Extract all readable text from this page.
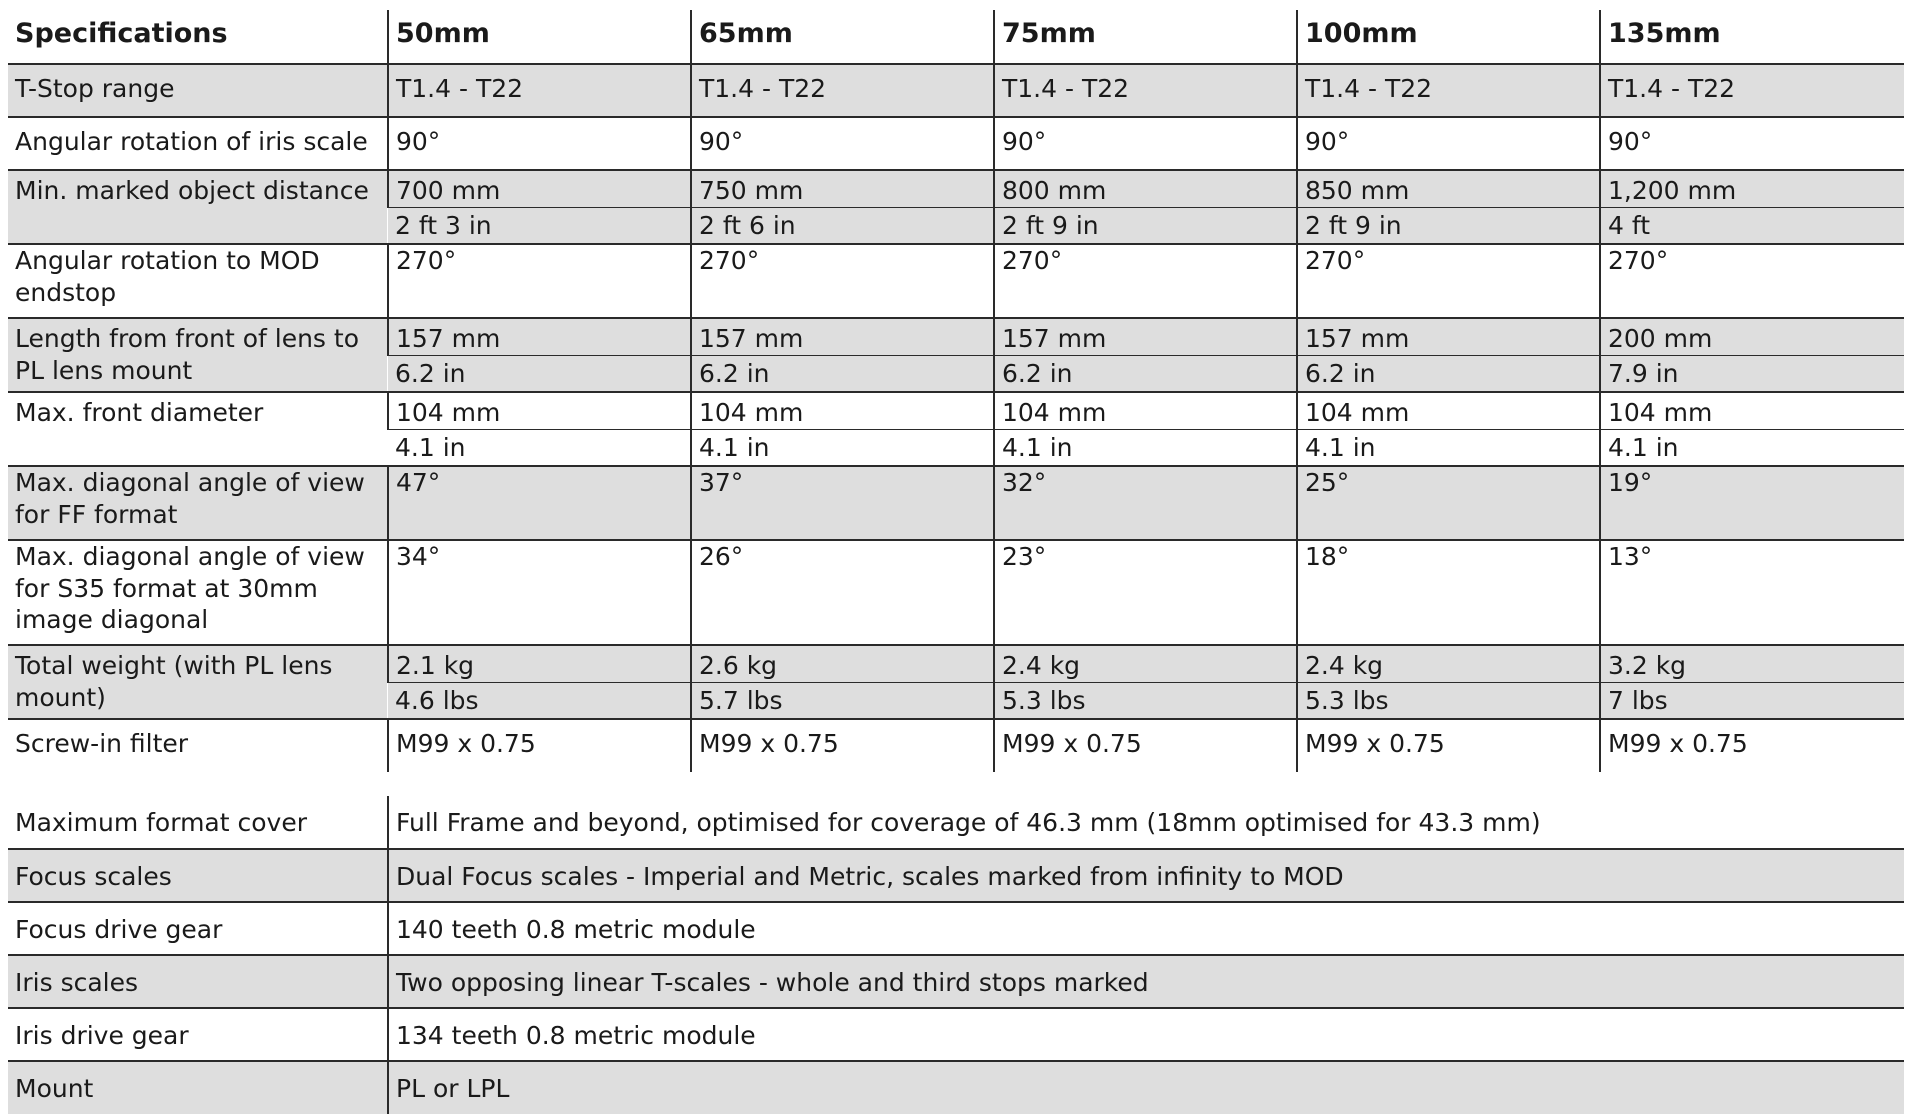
Specifications	50mm	65mm	75mm	100mm	135mm
T-Stop range	T1.4 - T22	T1.4 - T22	T1.4 - T22	T1.4 - T22	T1.4 - T22
Angular rotation of iris scale	90°	90°	90°	90°	90°
Min. marked object distance	700 mm	750 mm	800 mm	850 mm	1,200 mm
	2 ft 3 in	2 ft 6 in	2 ft 9 in	2 ft 9 in	4 ft
Angular rotation to MOD endstop	270°	270°	270°	270°	270°
Length from front of lens to PL lens mount	157 mm	157 mm	157 mm	157 mm	200 mm
	6.2 in	6.2 in	6.2 in	6.2 in	7.9 in
Max. front diameter	104 mm	104 mm	104 mm	104 mm	104 mm
	4.1 in	4.1 in	4.1 in	4.1 in	4.1 in
Max. diagonal angle of view for FF format	47°	37°	32°	25°	19°
Max. diagonal angle of view for S35 format at 30mm image diagonal	34°	26°	23°	18°	13°
Total weight (with PL lens mount)	2.1 kg	2.6 kg	2.4 kg	2.4 kg	3.2 kg
	4.6 lbs	5.7 lbs	5.3 lbs	5.3 lbs	7 lbs
Screw-in filter	M99 x 0.75	M99 x 0.75	M99 x 0.75	M99 x 0.75	M99 x 0.75
Maximum format cover	Full Frame and beyond, optimised for coverage of 46.3 mm (18mm optimised for 43.3 mm)
Focus scales	Dual Focus scales - Imperial and Metric, scales marked from infinity to MOD
Focus drive gear	140 teeth 0.8 metric module
Iris scales	Two opposing linear T-scales - whole and third stops marked
Iris drive gear	134 teeth 0.8 metric module
Mount	PL or LPL
